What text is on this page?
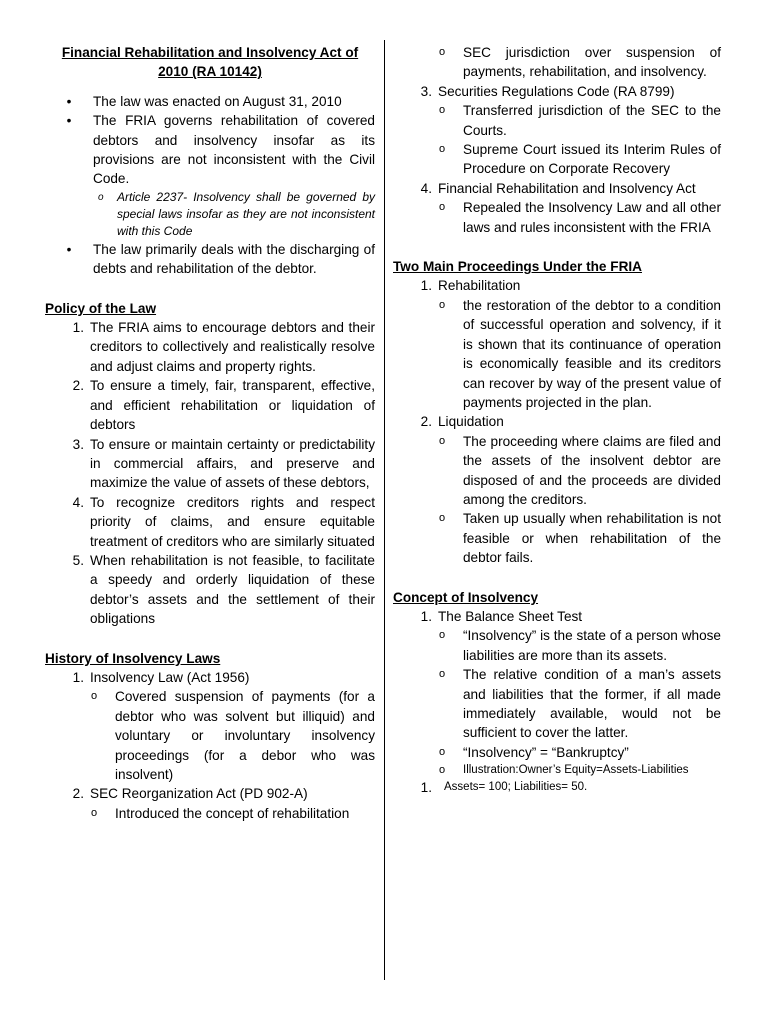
Financial Rehabilitation and Insolvency Act of 2010 (RA 10142)
•	The law was enacted on August 31, 2010
•	The FRIA governs rehabilitation of covered debtors and insolvency insofar as its provisions are not inconsistent with the Civil Code.
o	Article 2237- Insolvency shall be governed by special laws insofar as they are not inconsistent with this Code
•	The law primarily deals with the discharging of debts and rehabilitation of the debtor.
Policy of the Law
1. The FRIA aims to encourage debtors and their creditors to collectively and realistically resolve and adjust claims and property rights.
2. To ensure a timely, fair, transparent, effective, and efficient rehabilitation or liquidation of debtors
3. To ensure or maintain certainty or predictability in commercial affairs, and preserve and maximize the value of assets of these debtors,
4. To recognize creditors rights and respect priority of claims, and ensure equitable treatment of creditors who are similarly situated
5. When rehabilitation is not feasible, to facilitate a speedy and orderly liquidation of these debtor’s assets and the settlement of their obligations
History of Insolvency Laws
1. Insolvency Law (Act 1956)
o	Covered suspension of payments (for a debtor who was solvent but illiquid) and voluntary or involuntary insolvency proceedings (for a debor who was insolvent)
2. SEC Reorganization Act (PD 902-A)
o	Introduced the concept of rehabilitation
o	SEC jurisdiction over suspension of payments, rehabilitation, and insolvency.
3. Securities Regulations Code (RA 8799)
o	Transferred jurisdiction of the SEC to the Courts.
o	Supreme Court issued its Interim Rules of Procedure on Corporate Recovery
4. Financial Rehabilitation and Insolvency Act
o	Repealed the Insolvency Law and all other laws and rules inconsistent with the FRIA
Two Main Proceedings Under the FRIA
1. Rehabilitation
o	the restoration of the debtor to a condition of successful operation and solvency, if it is shown that its continuance of operation is economically feasible and its creditors can recover by way of the present value of payments projected in the plan.
2. Liquidation
o	The proceeding where claims are filed and the assets of the insolvent debtor are disposed of and the proceeds are divided among the creditors.
o	Taken up usually when rehabilitation is not feasible or when rehabilitation of the debtor fails.
Concept of Insolvency
1. The Balance Sheet Test
o	“Insolvency” is the state of a person whose liabilities are more than its assets.
o	The relative condition of a man’s assets and liabilities that the former, if all made immediately available, would not be sufficient to cover the latter.
o	“Insolvency” = “Bankruptcy”
o	Illustration:Owner’s Equity=Assets-Liabilities
1.	Assets= 100; Liabilities= 50.
